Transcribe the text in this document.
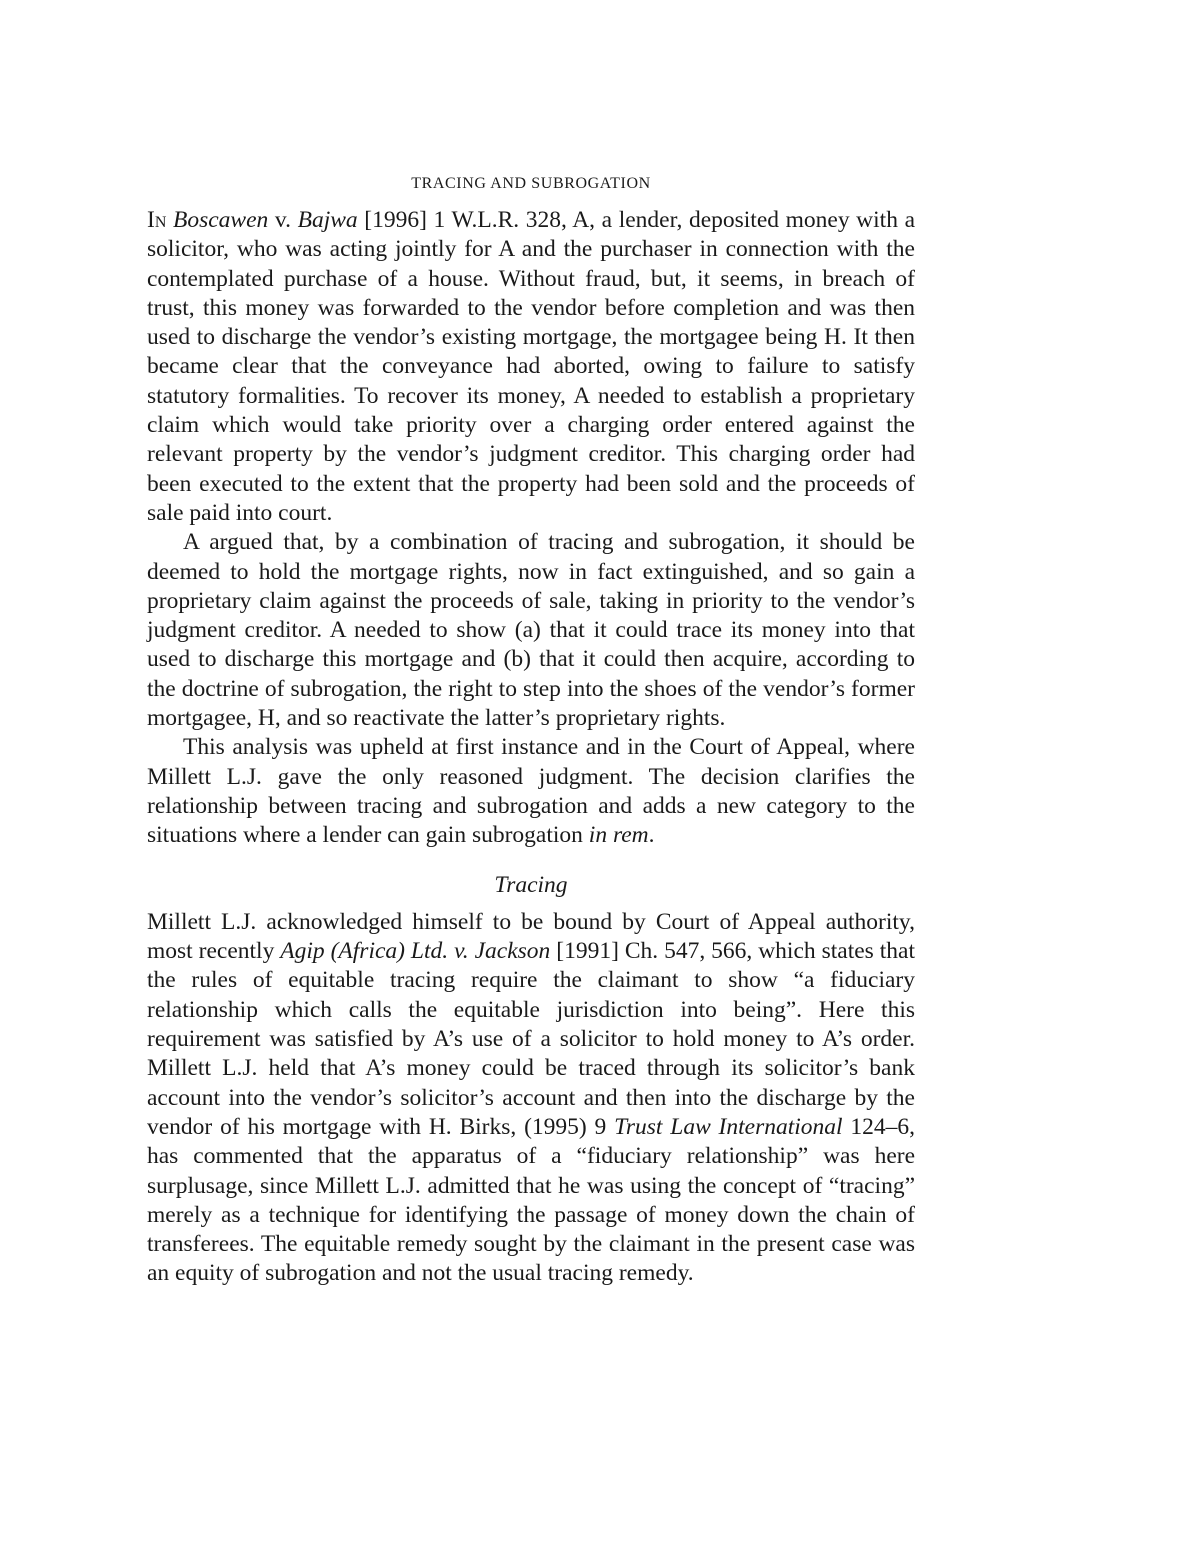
TRACING AND SUBROGATION

In Boscawen v. Bajwa [1996] 1 W.L.R. 328, A, a lender, deposited money with a solicitor, who was acting jointly for A and the purchaser in connection with the contemplated purchase of a house. Without fraud, but, it seems, in breach of trust, this money was forwarded to the vendor before completion and was then used to discharge the vendor’s existing mortgage, the mortgagee being H. It then became clear that the conveyance had aborted, owing to failure to satisfy statutory formalities. To recover its money, A needed to establish a proprietary claim which would take priority over a charging order entered against the relevant property by the vendor’s judgment creditor. This charging order had been executed to the extent that the property had been sold and the proceeds of sale paid into court.

A argued that, by a combination of tracing and subrogation, it should be deemed to hold the mortgage rights, now in fact extinguished, and so gain a proprietary claim against the proceeds of sale, taking in priority to the vendor’s judgment creditor. A needed to show (a) that it could trace its money into that used to discharge this mortgage and (b) that it could then acquire, according to the doctrine of subrogation, the right to step into the shoes of the vendor’s former mortgagee, H, and so reactivate the latter’s proprietary rights.

This analysis was upheld at first instance and in the Court of Appeal, where Millett L.J. gave the only reasoned judgment. The decision clarifies the relationship between tracing and subrogation and adds a new category to the situations where a lender can gain subrogation in rem.

Tracing

Millett L.J. acknowledged himself to be bound by Court of Appeal authority, most recently Agip (Africa) Ltd. v. Jackson [1991] Ch. 547, 566, which states that the rules of equitable tracing require the claimant to show “a fiduciary relationship which calls the equitable jurisdiction into being”. Here this requirement was satisfied by A’s use of a solicitor to hold money to A’s order. Millett L.J. held that A’s money could be traced through its solicitor’s bank account into the vendor’s solicitor’s account and then into the discharge by the vendor of his mortgage with H. Birks, (1995) 9 Trust Law International 124–6, has commented that the apparatus of a “fiduciary relationship” was here surplusage, since Millett L.J. admitted that he was using the concept of “tracing” merely as a technique for identifying the passage of money down the chain of transferees. The equitable remedy sought by the claimant in the present case was an equity of subrogation and not the usual tracing remedy.
